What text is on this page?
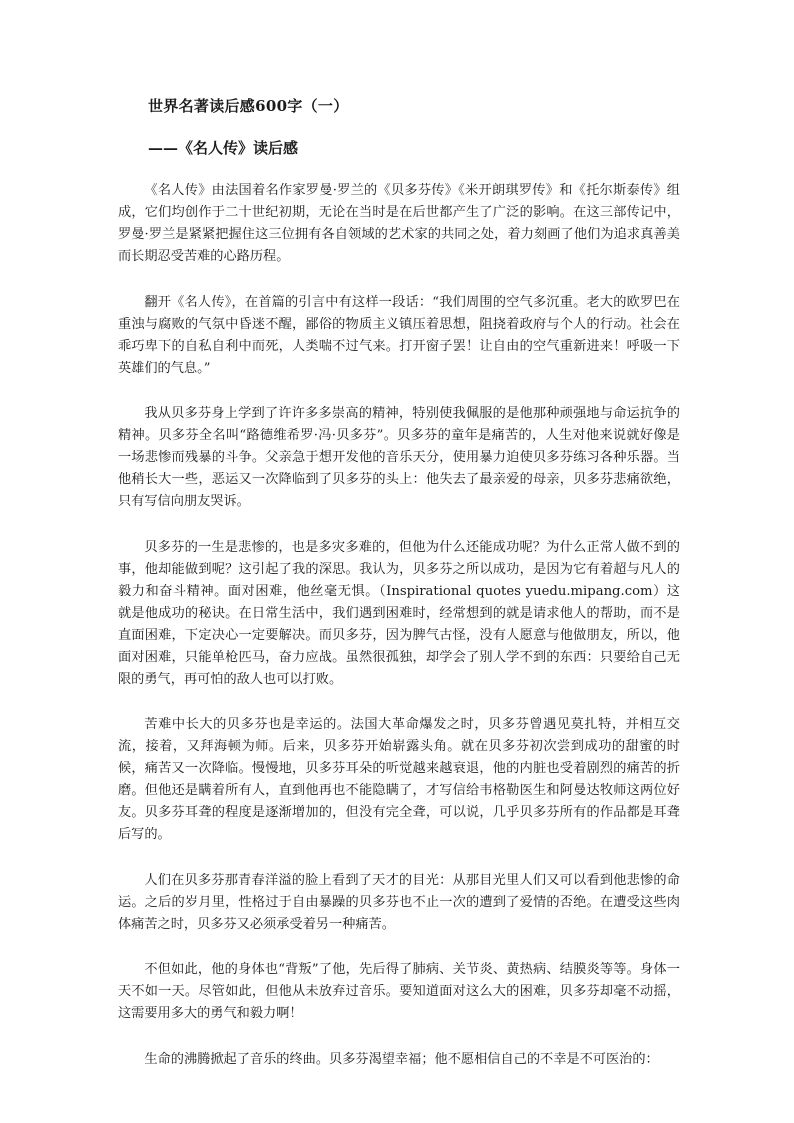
世界名著读后感600字（一）
——《名人传》读后感

《名人传》由法国着名作家罗曼·罗兰的《贝多芬传》《米开朗琪罗传》和《托尔斯泰传》组成，它们均创作于二十世纪初期，无论在当时是在后世都产生了广泛的影响。在这三部传记中，罗曼·罗兰是紧紧把握住这三位拥有各自领域的艺术家的共同之处，着力刻画了他们为追求真善美而长期忍受苦难的心路历程。

翻开《名人传》，在首篇的引言中有这样一段话：“我们周围的空气多沉重。老大的欧罗巴在重浊与腐败的气氛中昏迷不醒，鄙俗的物质主义镇压着思想，阻挠着政府与个人的行动。社会在乖巧卑下的自私自利中而死，人类喘不过气来。打开窗子罢！让自由的空气重新进来！呼吸一下英雄们的气息。”

我从贝多芬身上学到了许许多多崇高的精神，特别使我佩服的是他那种顽强地与命运抗争的精神。贝多芬全名叫“路德维希罗·冯·贝多芬”。贝多芬的童年是痛苦的，人生对他来说就好像是一场悲惨而残暴的斗争。父亲急于想开发他的音乐天分，使用暴力迫使贝多芬练习各种乐器。当他稍长大一些，恶运又一次降临到了贝多芬的头上：他失去了最亲爱的母亲，贝多芬悲痛欲绝，只有写信向朋友哭诉。

贝多芬的一生是悲惨的，也是多灾多难的，但他为什么还能成功呢？为什么正常人做不到的事，他却能做到呢？这引起了我的深思。我认为，贝多芬之所以成功，是因为它有着超与凡人的毅力和奋斗精神。面对困难，他丝毫无惧。（Inspirational quotes yuedu.mipang.com）这就是他成功的秘诀。在日常生活中，我们遇到困难时，经常想到的就是请求他人的帮助，而不是直面困难，下定决心一定要解决。而贝多芬，因为脾气古怪，没有人愿意与他做朋友，所以，他面对困难，只能单枪匹马，奋力应战。虽然很孤独，却学会了别人学不到的东西：只要给自己无限的勇气，再可怕的敌人也可以打败。

苦难中长大的贝多芬也是幸运的。法国大革命爆发之时，贝多芬曾遇见莫扎特，并相互交流，接着，又拜海顿为师。后来，贝多芬开始崭露头角。就在贝多芬初次尝到成功的甜蜜的时候，痛苦又一次降临。慢慢地，贝多芬耳朵的听觉越来越衰退，他的内脏也受着剧烈的痛苦的折磨。但他还是瞒着所有人，直到他再也不能隐瞒了，才写信给韦格勒医生和阿曼达牧师这两位好友。贝多芬耳聋的程度是逐渐增加的，但没有完全聋，可以说，几乎贝多芬所有的作品都是耳聋后写的。

人们在贝多芬那青春洋溢的脸上看到了天才的目光：从那目光里人们又可以看到他悲惨的命运。之后的岁月里，性格过于自由暴躁的贝多芬也不止一次的遭到了爱情的否绝。在遭受这些肉体痛苦之时，贝多芬又必须承受着另一种痛苦。

不但如此，他的身体也“背叛”了他，先后得了肺病、关节炎、黄热病、结膜炎等等。身体一天不如一天。尽管如此，但他从未放弃过音乐。要知道面对这么大的困难，贝多芬却毫不动摇，这需要用多大的勇气和毅力啊！

生命的沸腾掀起了音乐的终曲。贝多芬渴望幸福；他不愿相信自己的不幸是不可医治的：
